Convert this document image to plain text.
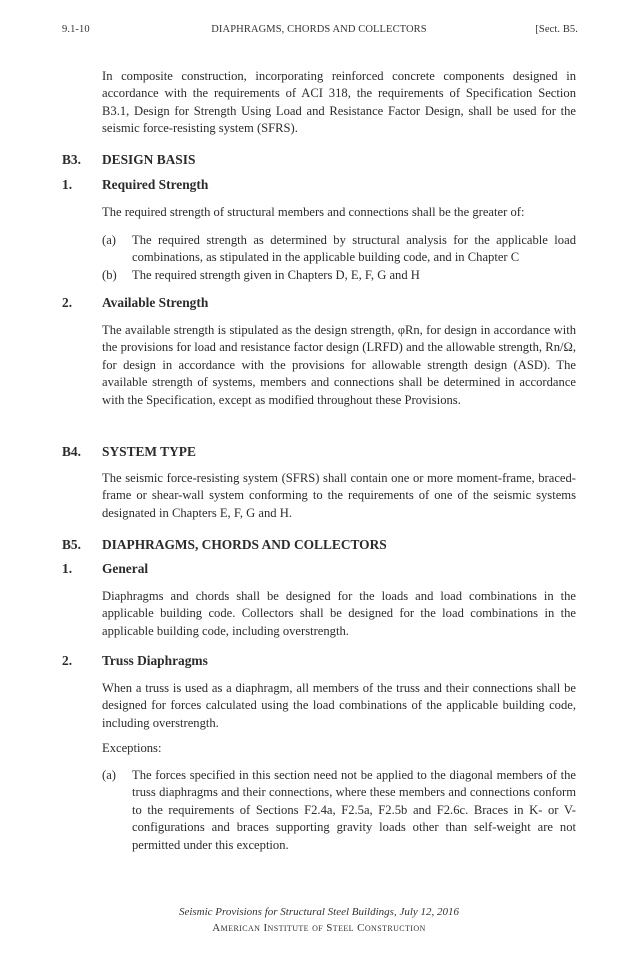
9.1-10	DIAPHRAGMS, CHORDS AND COLLECTORS	[Sect. B5.
In composite construction, incorporating reinforced concrete components designed in accordance with the requirements of ACI 318, the requirements of Specification Section B3.1, Design for Strength Using Load and Resistance Factor Design, shall be used for the seismic force-resisting system (SFRS).
B3. DESIGN BASIS
1. Required Strength
The required strength of structural members and connections shall be the greater of:
(a)	The required strength as determined by structural analysis for the applicable load combinations, as stipulated in the applicable building code, and in Chapter C
(b)	The required strength given in Chapters D, E, F, G and H
2. Available Strength
The available strength is stipulated as the design strength, φRn, for design in accordance with the provisions for load and resistance factor design (LRFD) and the allowable strength, Rn/Ω, for design in accordance with the provisions for allowable strength design (ASD). The available strength of systems, members and connections shall be determined in accordance with the Specification, except as modified throughout these Provisions.
B4. SYSTEM TYPE
The seismic force-resisting system (SFRS) shall contain one or more moment-frame, braced-frame or shear-wall system conforming to the requirements of one of the seismic systems designated in Chapters E, F, G and H.
B5. DIAPHRAGMS, CHORDS AND COLLECTORS
1. General
Diaphragms and chords shall be designed for the loads and load combinations in the applicable building code. Collectors shall be designed for the load combinations in the applicable building code, including overstrength.
2. Truss Diaphragms
When a truss is used as a diaphragm, all members of the truss and their connections shall be designed for forces calculated using the load combinations of the applicable building code, including overstrength.
Exceptions:
(a)	The forces specified in this section need not be applied to the diagonal members of the truss diaphragms and their connections, where these members and connections conform to the requirements of Sections F2.4a, F2.5a, F2.5b and F2.6c. Braces in K- or V- configurations and braces supporting gravity loads other than self-weight are not permitted under this exception.
Seismic Provisions for Structural Steel Buildings, July 12, 2016
American Institute of Steel Construction
